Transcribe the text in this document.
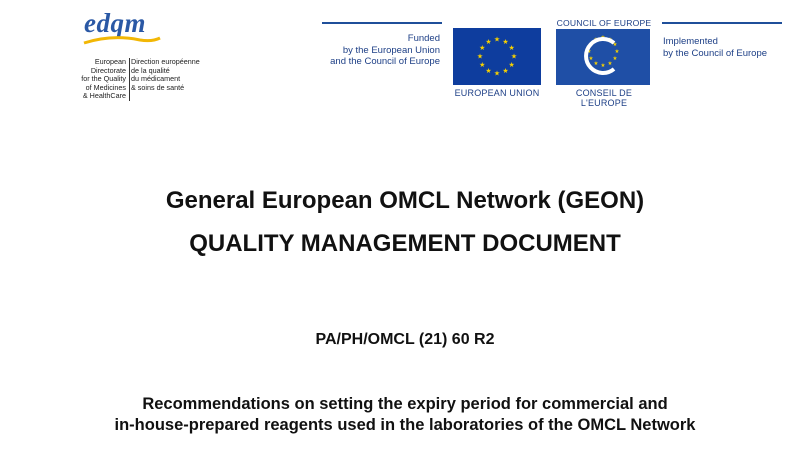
edqm
European Directorate
for the Quality
of Medicines
& HealthCare
Direction européenne
de la qualité
du médicament
& soins de santé
Funded
by the European Union
and the Council of Europe
★ ★
★
★
★
★
★
★
★
★
★
★
EUROPEAN UNION
COUNCIL OF EUROPE
★ ★
★
★
★
★
★
★
★
★
★
★
CONSEIL DE L'EUROPE
Implemented
by the Council of Europe
General European OMCL Network (GEON)
QUALITY MANAGEMENT DOCUMENT
PA/PH/OMCL (21) 60 R2
Recommendations on setting the expiry period for commercial and
in-house-prepared reagents used in the laboratories of the OMCL Network
